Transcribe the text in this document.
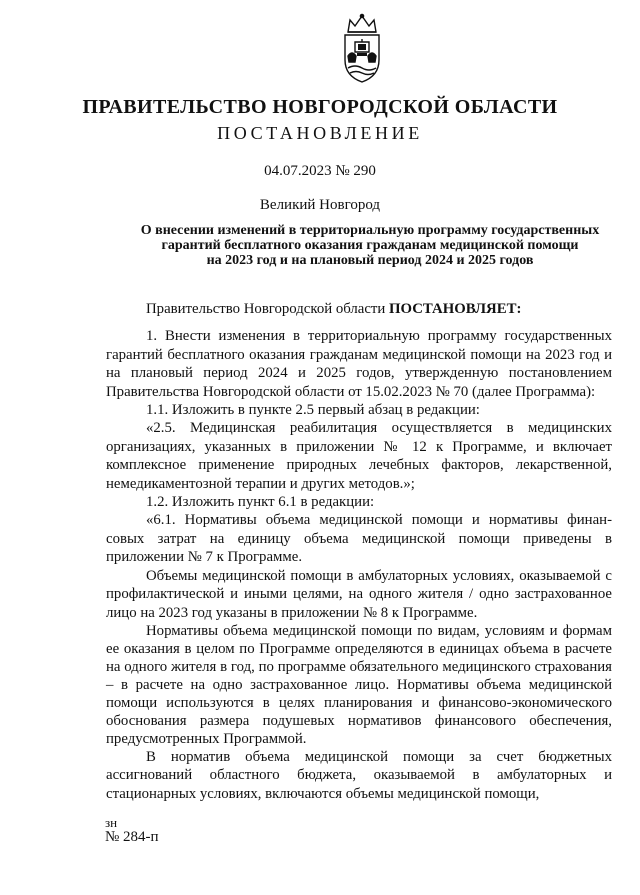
ПРАВИТЕЛЬСТВО НОВГОРОДСКОЙ ОБЛАСТИ
ПОСТАНОВЛЕНИЕ
04.07.2023 № 290
Великий Новгород
О внесении изменений в территориальную программу государственных
гарантий бесплатного оказания гражданам медицинской помощи
на 2023 год и на плановый период 2024 и 2025 годов

Правительство Новгородской области ПОСТАНОВЛЯЕТ:

1. Внести изменения в территориальную программу государственных гарантий бесплатного оказания гражданам медицинской помощи на 2023 год и на плановый период 2024 и 2025 годов, утвержденную постановлением Правительства Новгородской области от 15.02.2023 № 70 (далее Программа):

1.1. Изложить в пункте 2.5 первый абзац в редакции:

«2.5. Медицинская реабилитация осуществляется в медицинских организациях, указанных в приложении № 12 к Программе, и включает комплексное применение природных лечебных факторов, лекарственной, немедикаментозной терапии и других методов.»;

1.2. Изложить пункт 6.1 в редакции:

«6.1. Нормативы объема медицинской помощи и нормативы финан-совых затрат на единицу объема медицинской помощи приведены в приложении № 7 к Программе.

Объемы медицинской помощи в амбулаторных условиях, оказываемой с профилактической и иными целями, на одного жителя / одно застрахованное лицо на 2023 год указаны в приложении № 8 к Программе.

Нормативы объема медицинской помощи по видам, условиям и формам ее оказания в целом по Программе определяются в единицах объема в расчете на одного жителя в год, по программе обязательного медицинского страхования – в расчете на одно застрахованное лицо. Нормативы объема медицинской помощи используются в целях планирования и финансово-экономического обоснования размера подушевых нормативов финансового обеспечения, предусмотренных Программой.

В норматив объема медицинской помощи за счет бюджетных ассигнований областного бюджета, оказываемой в амбулаторных и стационарных условиях, включаются объемы медицинской помощи,

зн
№ 284-п
